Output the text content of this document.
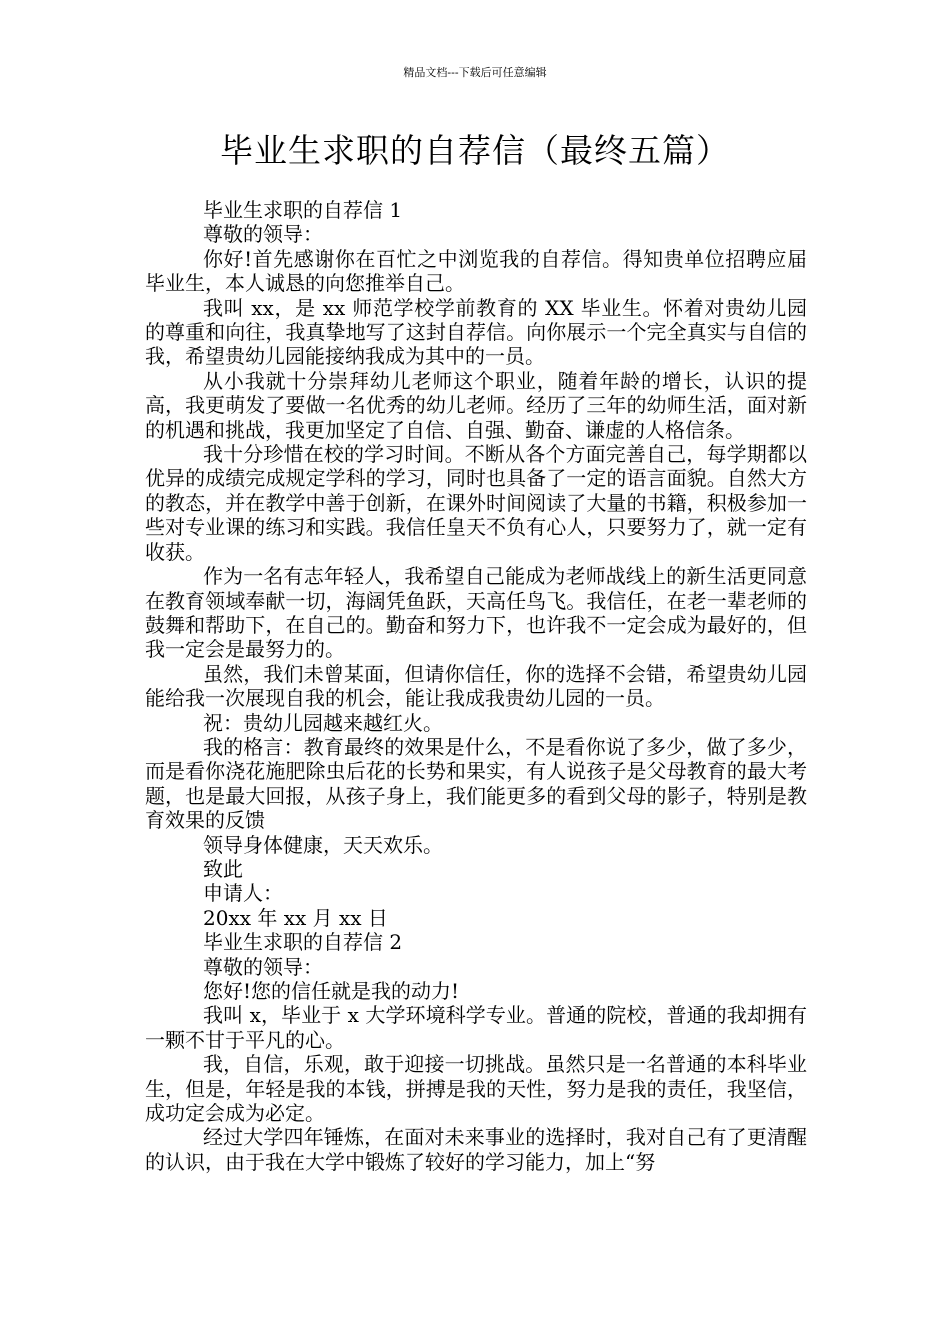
精品文档---下载后可任意编辑
毕业生求职的自荐信（最终五篇）

毕业生求职的自荐信 1

尊敬的领导：

你好!首先感谢你在百忙之中浏览我的自荐信。得知贵单位招聘应届毕业生，本人诚恳的向您推举自己。

我叫 xx，是 xx 师范学校学前教育的 XX 毕业生。怀着对贵幼儿园的尊重和向往，我真挚地写了这封自荐信。向你展示一个完全真实与自信的我，希望贵幼儿园能接纳我成为其中的一员。

从小我就十分崇拜幼儿老师这个职业，随着年龄的增长，认识的提高，我更萌发了要做一名优秀的幼儿老师。经历了三年的幼师生活，面对新的机遇和挑战，我更加坚定了自信、自强、勤奋、谦虚的人格信条。

我十分珍惜在校的学习时间。不断从各个方面完善自己，每学期都以优异的成绩完成规定学科的学习，同时也具备了一定的语言面貌。自然大方的教态，并在教学中善于创新，在课外时间阅读了大量的书籍，积极参加一些对专业课的练习和实践。我信任皇天不负有心人，只要努力了，就一定有收获。

作为一名有志年轻人，我希望自己能成为老师战线上的新生活更同意在教育领域奉献一切，海阔凭鱼跃，天高任鸟飞。我信任，在老一辈老师的鼓舞和帮助下，在自己的。勤奋和努力下，也许我不一定会成为最好的，但我一定会是最努力的。

虽然，我们未曾某面，但请你信任，你的选择不会错，希望贵幼儿园能给我一次展现自我的机会，能让我成我贵幼儿园的一员。

祝：贵幼儿园越来越红火。

我的格言：教育最终的效果是什么，不是看你说了多少，做了多少，而是看你浇花施肥除虫后花的长势和果实，有人说孩子是父母教育的最大考题，也是最大回报，从孩子身上，我们能更多的看到父母的影子，特别是教育效果的反馈

领导身体健康，天天欢乐。

致此

申请人：

20xx 年 xx 月 xx 日

毕业生求职的自荐信 2

尊敬的领导：

您好!您的信任就是我的动力!

我叫 x，毕业于 x 大学环境科学专业。普通的院校，普通的我却拥有一颗不甘于平凡的心。

我，自信，乐观，敢于迎接一切挑战。虽然只是一名普通的本科毕业生，但是，年轻是我的本钱，拼搏是我的天性，努力是我的责任，我坚信，成功定会成为必定。

经过大学四年锤炼，在面对未来事业的选择时，我对自己有了更清醒的认识，由于我在大学中锻炼了较好的学习能力，加上“努
